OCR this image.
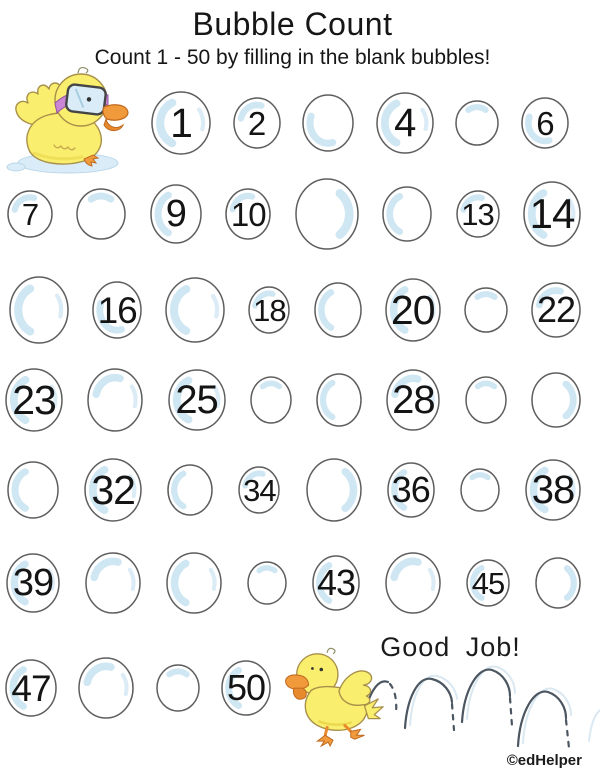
Bubble Count

Count 1 - 50 by filling in the blank bubbles!

1	2	4	6
7	9	10	13 14
16	18	20	22
23	25	28
32	34	36	38
39	43	45
47	50
Good Job!
©edHelper
